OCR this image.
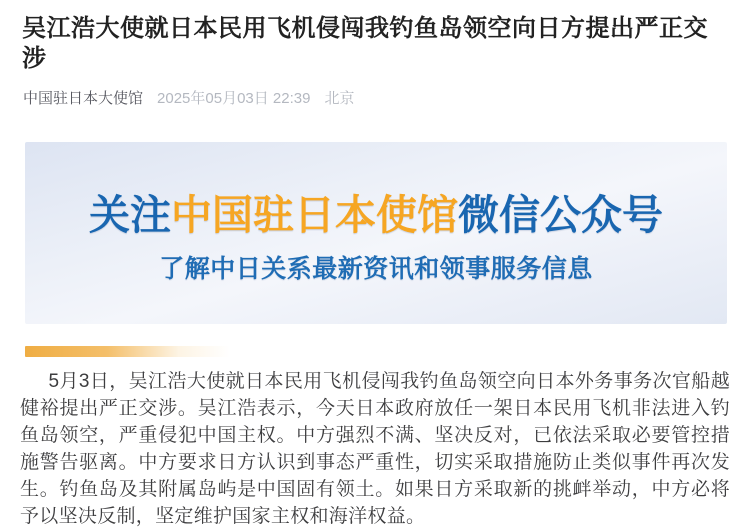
吴江浩大使就日本民用飞机侵闯我钓鱼岛领空向日方提出严正交涉
中国驻日本大使馆 2025年05月03日 22:39 北京
关注中国驻日本使馆微信公众号
了解中日关系最新资讯和领事服务信息

5月3日，吴江浩大使就日本民用飞机侵闯我钓鱼岛领空向日本外务事务次官船越健裕提出严正交涉。吴江浩表示，今天日本政府放任一架日本民用飞机非法进入钓鱼岛领空，严重侵犯中国主权。中方强烈不满、坚决反对，已依法采取必要管控措施警告驱离。中方要求日方认识到事态严重性，切实采取措施防止类似事件再次发生。钓鱼岛及其附属岛屿是中国固有领土。如果日方采取新的挑衅举动，中方必将予以坚决反制，坚定维护国家主权和海洋权益。
